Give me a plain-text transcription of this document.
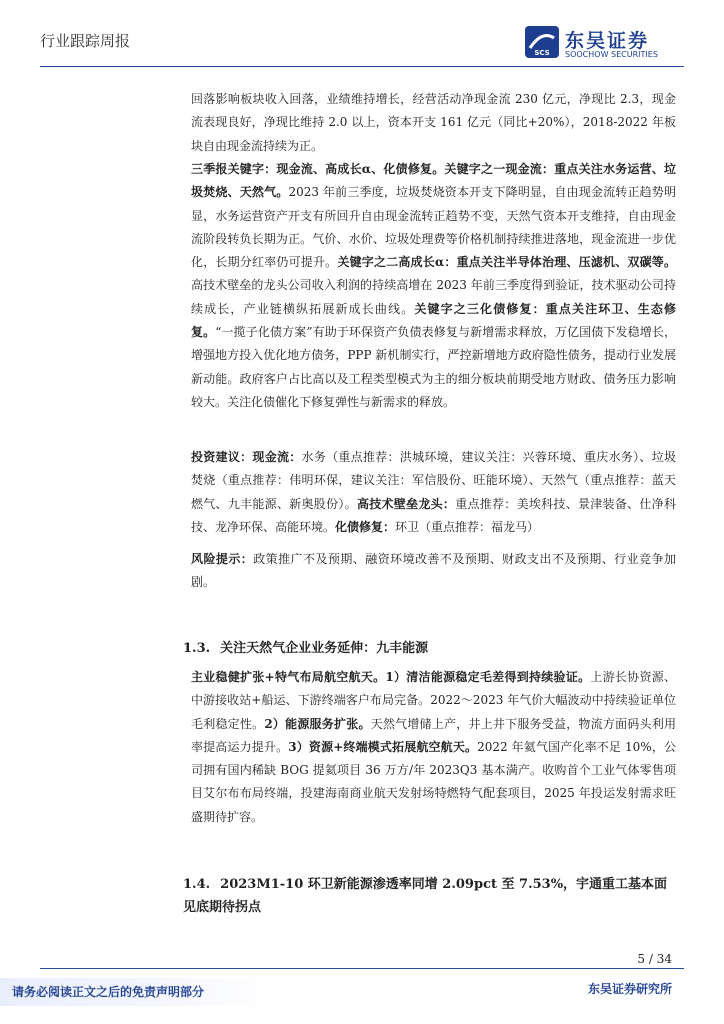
行业跟踪周报
SCS
东吴证券
SOOCHOW SECURITIES

回落影响板块收入回落，业绩维持增长，经营活动净现金流 230 亿元，净现比 2.3，现金流表现良好，净现比维持 2.0 以上，资本开支 161 亿元（同比+20%），2018-2022 年板块自由现金流持续为正。

三季报关键字：现金流、高成长α、化债修复。关键字之一现金流：重点关注水务运营、垃圾焚烧、天然气。2023 年前三季度，垃圾焚烧资本开支下降明显，自由现金流转正趋势明显，水务运营资产开支有所回升自由现金流转正趋势不变，天然气资本开支维持，自由现金流阶段转负长期为正。气价、水价、垃圾处理费等价格机制持续推进落地，现金流进一步优化，长期分红率仍可提升。关键字之二高成长α：重点关注半导体治理、压滤机、双碳等。高技术壁垒的龙头公司收入利润的持续高增在 2023 年前三季度得到验证，技术驱动公司持续成长，产业链横纵拓展新成长曲线。关键字之三化债修复：重点关注环卫、生态修复。“一揽子化债方案”有助于环保资产负债表修复与新增需求释放，万亿国债下发稳增长，增强地方投入优化地方债务，PPP 新机制实行，严控新增地方政府隐性债务，提动行业发展新动能。政府客户占比高以及工程类型模式为主的细分板块前期受地方财政、债务压力影响较大。关注化债催化下修复弹性与新需求的释放。

投资建议：现金流：水务（重点推荐：洪城环境，建议关注：兴蓉环境、重庆水务）、垃圾焚烧（重点推荐：伟明环保，建议关注：军信股份、旺能环境）、天然气（重点推荐：蓝天燃气、九丰能源、新奥股份）。高技术壁垒龙头：重点推荐：美埃科技、景津装备、仕净科技、龙净环保、高能环境。化债修复：环卫（重点推荐：福龙马）

风险提示：政策推广不及预期、融资环境改善不及预期、财政支出不及预期、行业竞争加剧。

1.3. 关注天然气企业业务延伸：九丰能源

主业稳健扩张+特气布局航空航天。1）清洁能源稳定毛差得到持续验证。上游长协资源、中游接收站+船运、下游终端客户布局完备。2022～2023 年气价大幅波动中持续验证单位毛利稳定性。2）能源服务扩张。天然气增储上产，井上井下服务受益，物流方面码头利用率提高运力提升。3）资源+终端模式拓展航空航天。2022 年氦气国产化率不足 10%，公司拥有国内稀缺 BOG 提氦项目 36 万方/年 2023Q3 基本满产。收购首个工业气体零售项目艾尔布布局终端，投建海南商业航天发射场特燃特气配套项目，2025 年投运发射需求旺盛期待扩容。

1.4. 2023M1-10 环卫新能源渗透率同增 2.09pct 至 7.53%，宇通重工基本面
见底期待拐点
5 / 34
请务必阅读正文之后的免责声明部分	东吴证券研究所
